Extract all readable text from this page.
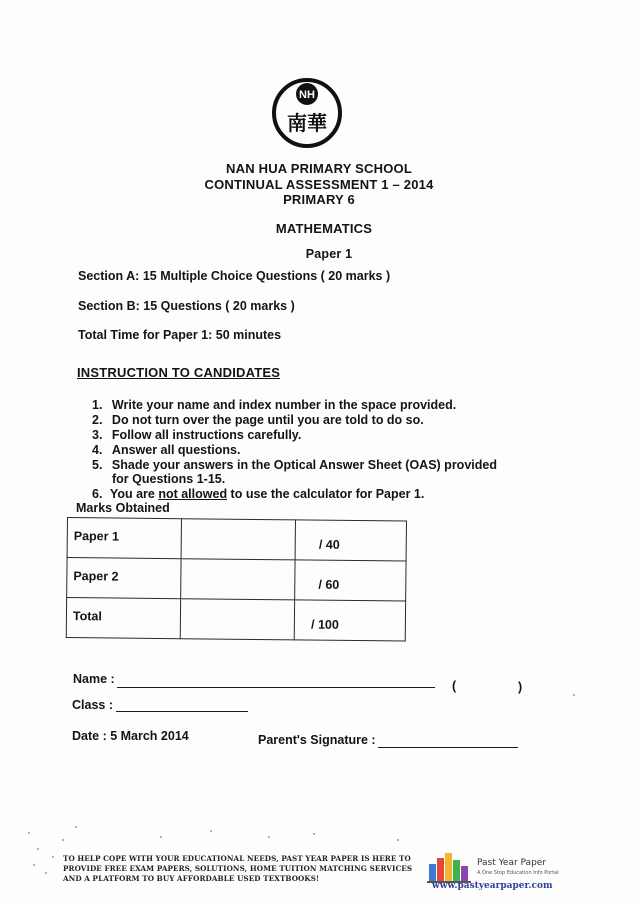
NH
南華
NAN HUA PRIMARY SCHOOL
CONTINUAL ASSESSMENT 1 – 2014
PRIMARY 6
MATHEMATICS
Paper 1
Section A: 15 Multiple Choice Questions ( 20 marks )
Section B: 15 Questions ( 20 marks )
Total Time for Paper 1: 50 minutes
INSTRUCTION TO CANDIDATES
1. Write your name and index number in the space provided.
2. Do not turn over the page until you are told to do so.
3. Follow all instructions carefully.
4. Answer all questions.
5. Shade your answers in the Optical Answer Sheet (OAS) provided
for Questions 1-15.
6. You are not allowed to use the calculator for Paper 1.
Marks Obtained
Paper 1		/ 40
Paper 2		/ 60
Total		/ 100
Name :	(	)
Class :
Date : 5 March 2014	Parent's Signature :
TO HELP COPE WITH YOUR EDUCATIONAL NEEDS, PAST YEAR PAPER IS HERE TO PROVIDE FREE EXAM PAPERS, SOLUTIONS, HOME TUITION MATCHING SERVICES AND A PLATFORM TO BUY AFFORDABLE USED TEXTBOOKS!
Past Year Paper
A One Stop Education Info Portal
www.pastyearpaper.com
